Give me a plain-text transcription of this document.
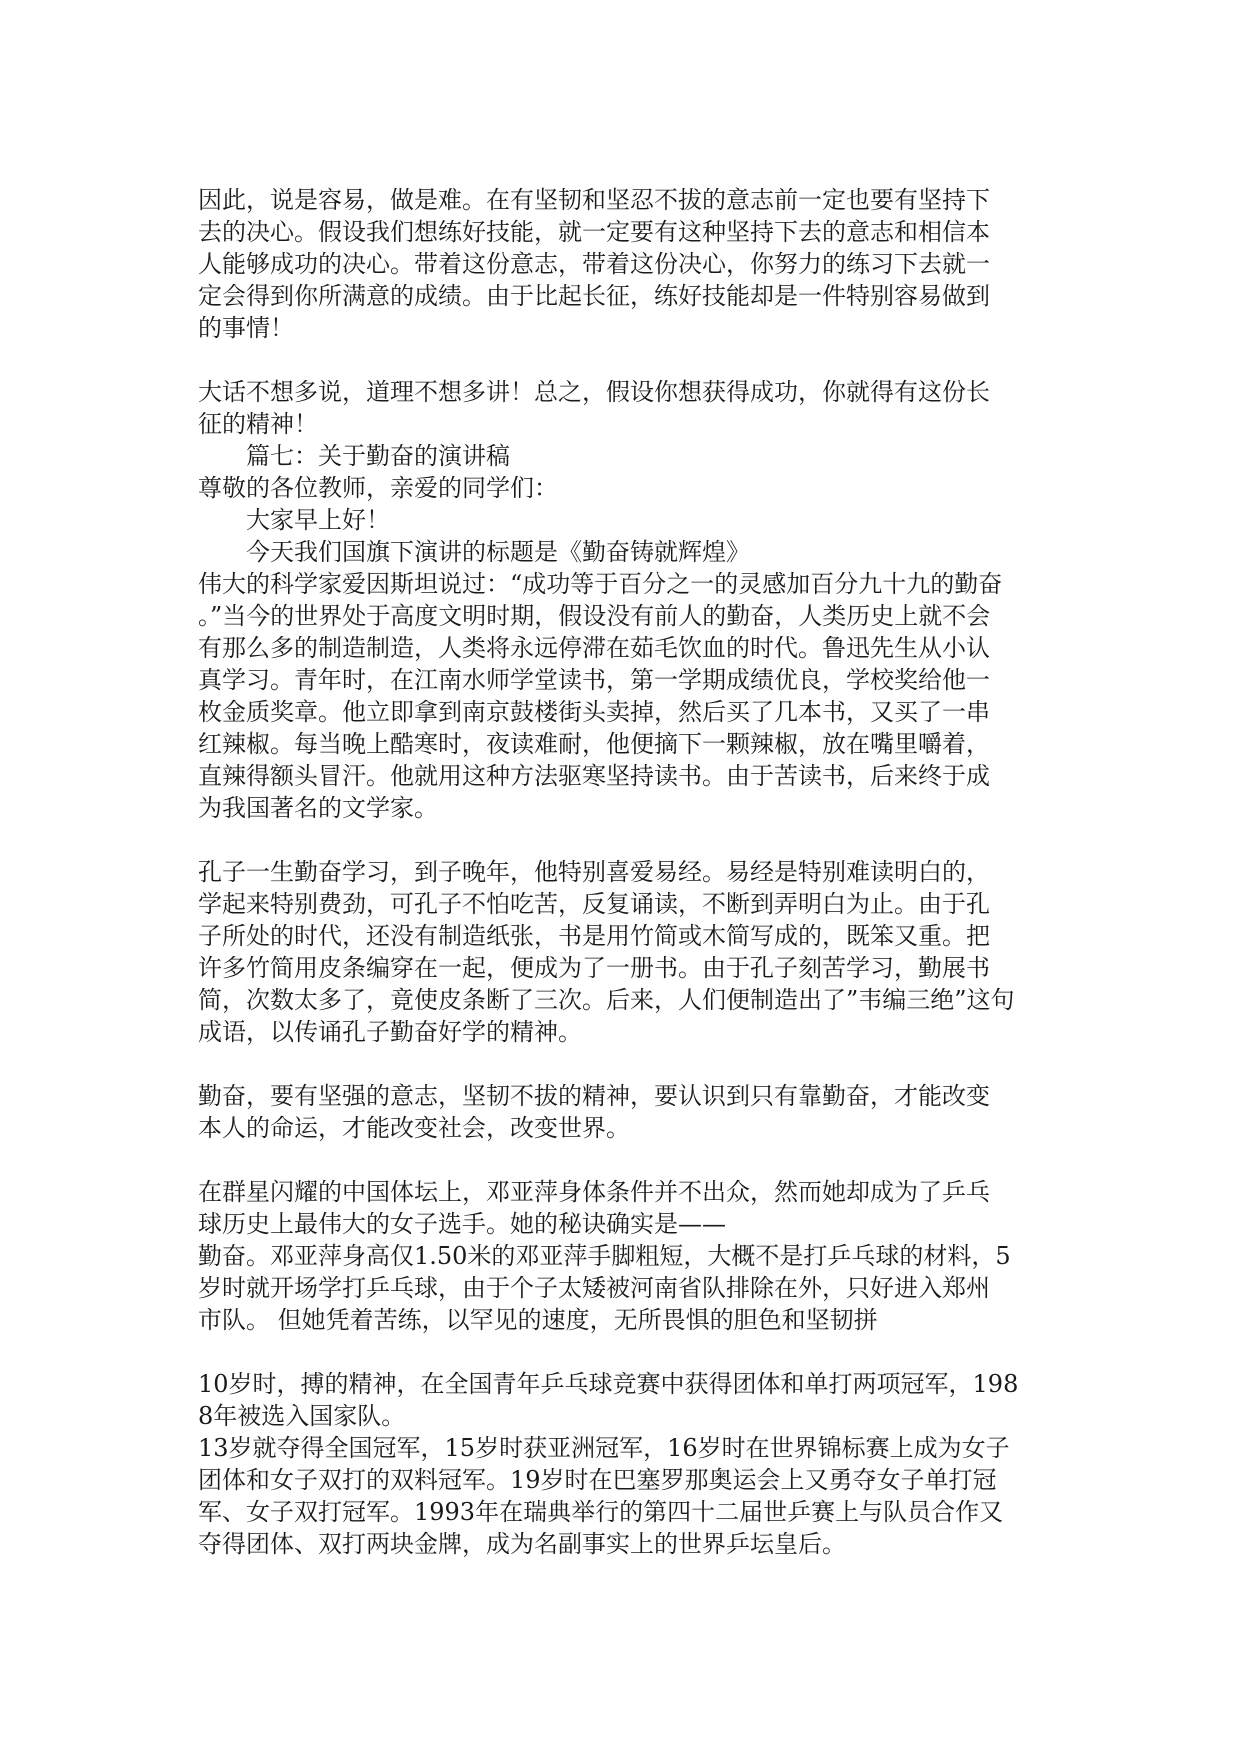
因此，说是容易，做是难。在有坚韧和坚忍不拔的意志前一定也要有坚持下
去的决心。假设我们想练好技能，就一定要有这种坚持下去的意志和相信本
人能够成功的决心。带着这份意志，带着这份决心，你努力的练习下去就一
定会得到你所满意的成绩。由于比起长征，练好技能却是一件特别容易做到
的事情！
大话不想多说，道理不想多讲！总之，假设你想获得成功，你就得有这份长
征的精神！
篇七：关于勤奋的演讲稿
尊敬的各位教师，亲爱的同学们：
大家早上好！
今天我们国旗下演讲的标题是《勤奋铸就辉煌》
伟大的科学家爱因斯坦说过：“成功等于百分之一的灵感加百分九十九的勤奋
。”当今的世界处于高度文明时期，假设没有前人的勤奋，人类历史上就不会
有那么多的制造制造，人类将永远停滞在茹毛饮血的时代。鲁迅先生从小认
真学习。青年时，在江南水师学堂读书，第一学期成绩优良，学校奖给他一
枚金质奖章。他立即拿到南京鼓楼街头卖掉，然后买了几本书，又买了一串
红辣椒。每当晚上酷寒时，夜读难耐，他便摘下一颗辣椒，放在嘴里嚼着，
直辣得额头冒汗。他就用这种方法驱寒坚持读书。由于苦读书，后来终于成
为我国著名的文学家。
孔子一生勤奋学习，到子晚年，他特别喜爱易经。易经是特别难读明白的，
学起来特别费劲，可孔子不怕吃苦，反复诵读，不断到弄明白为止。由于孔
子所处的时代，还没有制造纸张，书是用竹简或木简写成的，既笨又重。把
许多竹简用皮条编穿在一起，便成为了一册书。由于孔子刻苦学习，勤展书
简，次数太多了，竟使皮条断了三次。后来，人们便制造出了”韦编三绝”这句
成语，以传诵孔子勤奋好学的精神。
勤奋，要有坚强的意志，坚韧不拔的精神，要认识到只有靠勤奋，才能改变
本人的命运，才能改变社会，改变世界。
在群星闪耀的中国体坛上，邓亚萍身体条件并不出众，然而她却成为了乒乓
球历史上最伟大的女子选手。她的秘诀确实是——
勤奋。邓亚萍身高仅1.50米的邓亚萍手脚粗短，大概不是打乒乓球的材料，5
岁时就开场学打乒乓球，由于个子太矮被河南省队排除在外，只好进入郑州
市队。 但她凭着苦练，以罕见的速度，无所畏惧的胆色和坚韧拼
10岁时，搏的精神，在全国青年乒乓球竞赛中获得团体和单打两项冠军，198
8年被选入国家队。
13岁就夺得全国冠军，15岁时获亚洲冠军，16岁时在世界锦标赛上成为女子
团体和女子双打的双料冠军。19岁时在巴塞罗那奥运会上又勇夺女子单打冠
军、女子双打冠军。1993年在瑞典举行的第四十二届世乒赛上与队员合作又
夺得团体、双打两块金牌，成为名副事实上的世界乒坛皇后。
